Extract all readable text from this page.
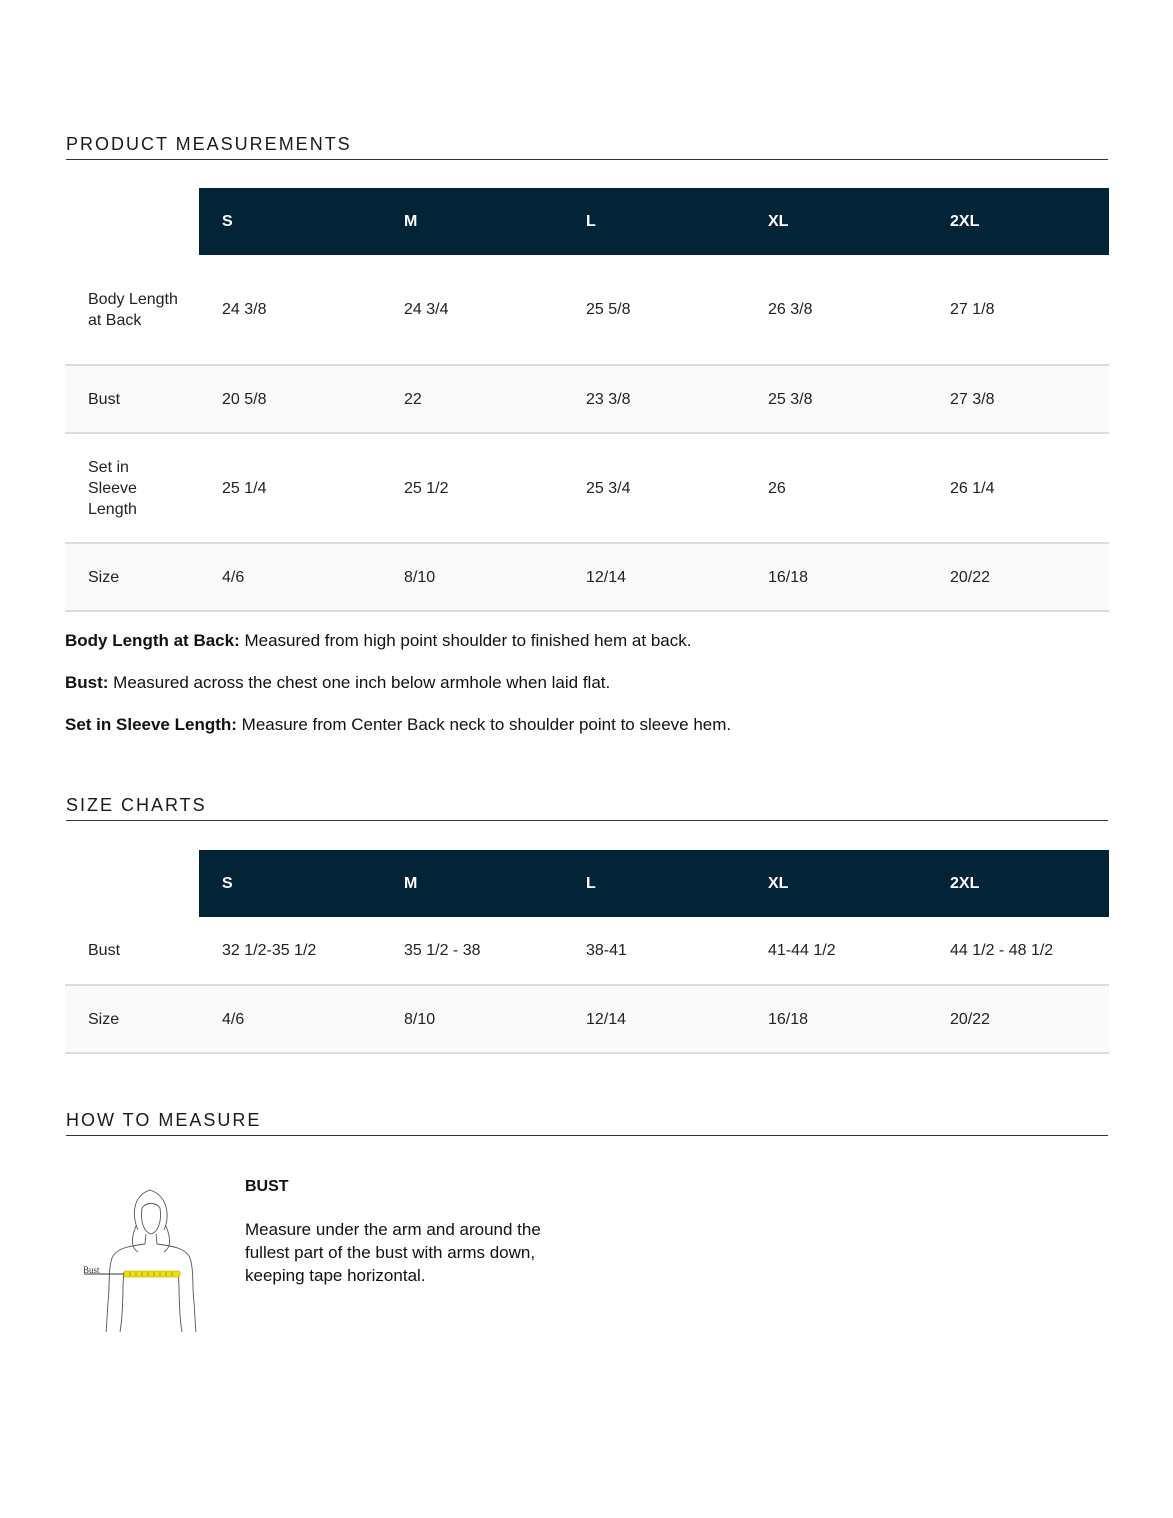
PRODUCT MEASUREMENTS
	S	M	L	XL	2XL
Body Length at Back	24 3/8	24 3/4	25 5/8	26 3/8	27 1/8
Bust	20 5/8	22	23 3/8	25 3/8	27 3/8
Set in Sleeve Length	25 1/4	25 1/2	25 3/4	26	26 1/4
Size	4/6	8/10	12/14	16/18	20/22
Body Length at Back: Measured from high point shoulder to finished hem at back.
Bust: Measured across the chest one inch below armhole when laid flat.
Set in Sleeve Length: Measure from Center Back neck to shoulder point to sleeve hem.
SIZE CHARTS
	S	M	L	XL	2XL
Bust	32 1/2-35 1/2	35 1/2 - 38	38-41	41-44 1/2	44 1/2 - 48 1/2
Size	4/6	8/10	12/14	16/18	20/22
HOW TO MEASURE
Bust
BUST
Measure under the arm and around the fullest part of the bust with arms down, keeping tape horizontal.
